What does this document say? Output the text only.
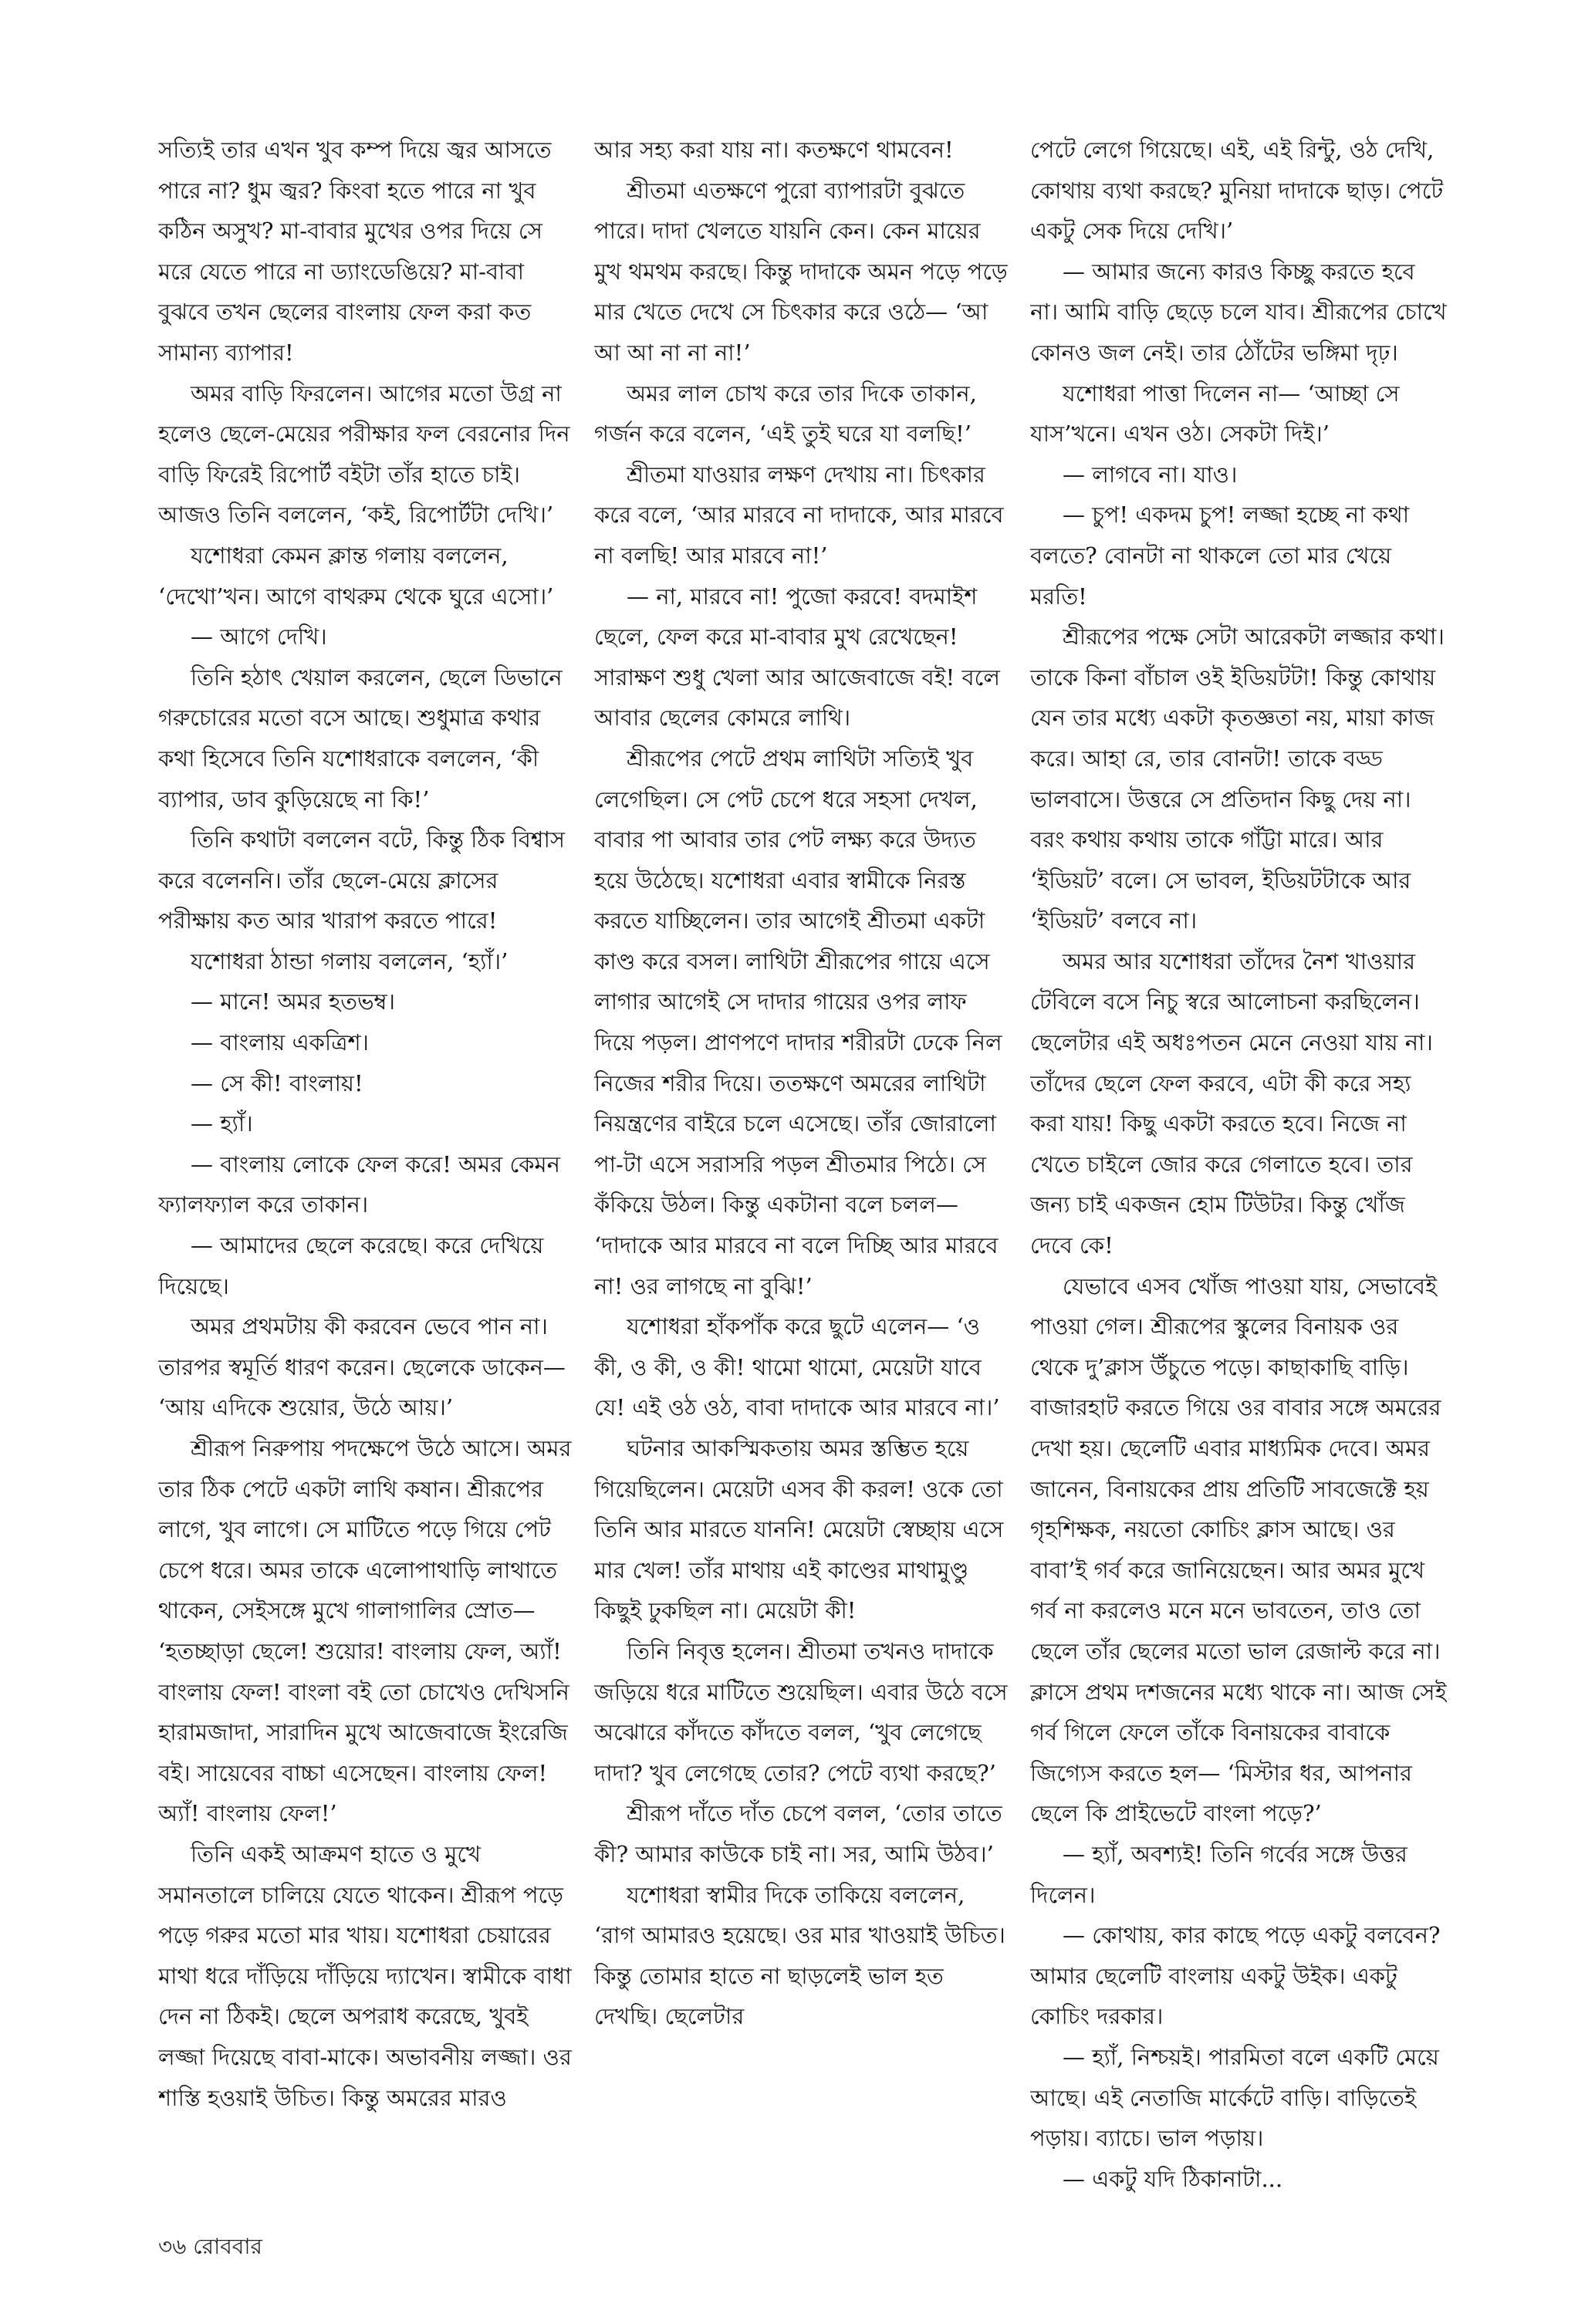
সত্যিই তার এখন খুব কম্প দিয়ে জ্বর আসতে পারে না? ধুম জ্বর? কিংবা হতে পারে না খুব কঠিন অসুখ? মা-বাবার মুখের ওপর দিয়ে সে মরে যেতে পারে না ড্যাংডেঙিয়ে? মা-বাবা বুঝবে তখন ছেলের বাংলায় ফেল করা কত সামান্য ব্যাপার!

অমর বাড়ি ফিরলেন। আগের মতো উগ্র না হলেও ছেলে-মেয়ের পরীক্ষার ফল বেরনোর দিন বাড়ি ফিরেই রিপোর্ট বইটা তাঁর হাতে চাই। আজও তিনি বললেন, ‘কই, রিপোর্টটা দেখি।’

যশোধরা কেমন ক্লান্ত গলায় বললেন, ‘দেখো’খন। আগে বাথরুম থেকে ঘুরে এসো।’

— আগে দেখি।

তিনি হঠাৎ খেয়াল করলেন, ছেলে ডিভানে গরুচোরের মতো বসে আছে। শুধুমাত্র কথার কথা হিসেবে তিনি যশোধরাকে বললেন, ‘কী ব্যাপার, ডাব কুড়িয়েছে না কি!’

তিনি কথাটা বললেন বটে, কিন্তু ঠিক বিশ্বাস করে বলেননি। তাঁর ছেলে-মেয়ে ক্লাসের পরীক্ষায় কত আর খারাপ করতে পারে!

যশোধরা ঠান্ডা গলায় বললেন, ‘হ্যাঁ।’

— মানে! অমর হতভম্ব।

— বাংলায় একত্রিশ।

— সে কী! বাংলায়!

— হ্যাঁ।

— বাংলায় লোকে ফেল করে! অমর কেমন ফ্যালফ্যাল করে তাকান।

— আমাদের ছেলে করেছে। করে দেখিয়ে দিয়েছে।

অমর প্রথমটায় কী করবেন ভেবে পান না। তারপর স্বমূর্তি ধারণ করেন। ছেলেকে ডাকেন— ‘আয় এদিকে শুয়োর, উঠে আয়।’

শ্রীরূপ নিরুপায় পদক্ষেপে উঠে আসে। অমর তার ঠিক পেটে একটা লাথি কষান। শ্রীরূপের লাগে, খুব লাগে। সে মাটিতে পড়ে গিয়ে পেট চেপে ধরে। অমর তাকে এলোপাথাড়ি লাথাতে থাকেন, সেইসঙ্গে মুখে গালাগালির স্রোত— ‘হতচ্ছাড়া ছেলে! শুয়োর! বাংলায় ফেল, অ্যাঁ! বাংলায় ফেল! বাংলা বই তো চোখেও দেখিসনি হারামজাদা, সারাদিন মুখে আজেবাজে ইংরেজি বই। সায়েবের বাচ্চা এসেছেন। বাংলায় ফেল! অ্যাঁ! বাংলায় ফেল!’

তিনি একই আক্রমণ হাতে ও মুখে সমানতালে চালিয়ে যেতে থাকেন। শ্রীরূপ পড়ে পড়ে গরুর মতো মার খায়। যশোধরা চেয়ারের মাথা ধরে দাঁড়িয়ে দাঁড়িয়ে দ্যাখেন। স্বামীকে বাধা দেন না ঠিকই। ছেলে অপরাধ করেছে, খুবই লজ্জা দিয়েছে বাবা-মাকে। অভাবনীয় লজ্জা। ওর শাস্তি হওয়াই উচিত। কিন্তু অমরের মারও

আর সহ্য করা যায় না। কতক্ষণে থামবেন!

শ্রীতমা এতক্ষণে পুরো ব্যাপারটা বুঝতে পারে। দাদা খেলতে যায়নি কেন। কেন মায়ের মুখ থমথম করছে। কিন্তু দাদাকে অমন পড়ে পড়ে মার খেতে দেখে সে চিৎকার করে ওঠে— ‘আ আ আ না না না!’

অমর লাল চোখ করে তার দিকে তাকান, গর্জন করে বলেন, ‘এই তুই ঘরে যা বলছি!’

শ্রীতমা যাওয়ার লক্ষণ দেখায় না। চিৎকার করে বলে, ‘আর মারবে না দাদাকে, আর মারবে না বলছি! আর মারবে না!’

— না, মারবে না! পুজো করবে! বদমাইশ ছেলে, ফেল করে মা-বাবার মুখ রেখেছেন! সারাক্ষণ শুধু খেলা আর আজেবাজে বই! বলে আবার ছেলের কোমরে লাথি।

শ্রীরূপের পেটে প্রথম লাথিটা সত্যিই খুব লেগেছিল। সে পেট চেপে ধরে সহসা দেখল, বাবার পা আবার তার পেট লক্ষ্য করে উদ্যত হয়ে উঠেছে। যশোধরা এবার স্বামীকে নিরস্ত করতে যাচ্ছিলেন। তার আগেই শ্রীতমা একটা কাণ্ড করে বসল। লাথিটা শ্রীরূপের গায়ে এসে লাগার আগেই সে দাদার গায়ের ওপর লাফ দিয়ে পড়ল। প্রাণপণে দাদার শরীরটা ঢেকে নিল নিজের শরীর দিয়ে। ততক্ষণে অমরের লাথিটা নিয়ন্ত্রণের বাইরে চলে এসেছে। তাঁর জোরালো পা-টা এসে সরাসরি পড়ল শ্রীতমার পিঠে। সে কঁকিয়ে উঠল। কিন্তু একটানা বলে চলল— ‘দাদাকে আর মারবে না বলে দিচ্ছি আর মারবে না! ওর লাগছে না বুঝি!’

যশোধরা হাঁকপাঁক করে ছুটে এলেন— ‘ও কী, ও কী, ও কী! থামো থামো, মেয়েটা যাবে যে! এই ওঠ ওঠ, বাবা দাদাকে আর মারবে না।’

ঘটনার আকস্মিকতায় অমর স্তম্ভিত হয়ে গিয়েছিলেন। মেয়েটা এসব কী করল! ওকে তো তিনি আর মারতে যাননি! মেয়েটা স্বেচ্ছায় এসে মার খেল! তাঁর মাথায় এই কাণ্ডের মাথামুণ্ডু কিছুই ঢুকছিল না। মেয়েটা কী!

তিনি নিবৃত্ত হলেন। শ্রীতমা তখনও দাদাকে জড়িয়ে ধরে মাটিতে শুয়েছিল। এবার উঠে বসে অঝোরে কাঁদতে কাঁদতে বলল, ‘খুব লেগেছে দাদা? খুব লেগেছে তোর? পেটে ব্যথা করছে?’

শ্রীরূপ দাঁতে দাঁত চেপে বলল, ‘তোর তাতে কী? আমার কাউকে চাই না। সর, আমি উঠব।’

যশোধরা স্বামীর দিকে তাকিয়ে বললেন, ‘রাগ আমারও হয়েছে। ওর মার খাওয়াই উচিত। কিন্তু তোমার হাতে না ছাড়লেই ভাল হত দেখছি। ছেলেটার

পেটে লেগে গিয়েছে। এই, এই রিন্টু, ওঠ দেখি, কোথায় ব্যথা করছে? মুনিয়া দাদাকে ছাড়। পেটে একটু সেক দিয়ে দেখি।’

— আমার জন্যে কারও কিচ্ছু করতে হবে না। আমি বাড়ি ছেড়ে চলে যাব। শ্রীরূপের চোখে কোনও জল নেই। তার ঠোঁটের ভঙ্গিমা দৃঢ়।

যশোধরা পাত্তা দিলেন না— ‘আচ্ছা সে যাস’খনে। এখন ওঠ। সেকটা দিই।’

— লাগবে না। যাও।

— চুপ! একদম চুপ! লজ্জা হচ্ছে না কথা বলতে? বোনটা না থাকলে তো মার খেয়ে মরতি!

শ্রীরূপের পক্ষে সেটা আরেকটা লজ্জার কথা। তাকে কিনা বাঁচাল ওই ইডিয়টটা! কিন্তু কোথায় যেন তার মধ্যে একটা কৃতজ্ঞতা নয়, মায়া কাজ করে। আহা রে, তার বোনটা! তাকে বড্ড ভালবাসে। উত্তরে সে প্রতিদান কিছু দেয় না। বরং কথায় কথায় তাকে গাঁট্টা মারে। আর ‘ইডিয়ট’ বলে। সে ভাবল, ইডিয়টটাকে আর ‘ইডিয়ট’ বলবে না।

অমর আর যশোধরা তাঁদের নৈশ খাওয়ার টেবিলে বসে নিচু স্বরে আলোচনা করছিলেন। ছেলেটার এই অধঃপতন মেনে নেওয়া যায় না। তাঁদের ছেলে ফেল করবে, এটা কী করে সহ্য করা যায়! কিছু একটা করতে হবে। নিজে না খেতে চাইলে জোর করে গেলাতে হবে। তার জন্য চাই একজন হোম টিউটর। কিন্তু খোঁজ দেবে কে!

যেভাবে এসব খোঁজ পাওয়া যায়, সেভাবেই পাওয়া গেল। শ্রীরূপের স্কুলের বিনায়ক ওর থেকে দু’ক্লাস উঁচুতে পড়ে। কাছাকাছি বাড়ি। বাজারহাট করতে গিয়ে ওর বাবার সঙ্গে অমরের দেখা হয়। ছেলেটি এবার মাধ্যমিক দেবে। অমর জানেন, বিনায়কের প্রায় প্রতিটি সাবজেক্টে হয় গৃহশিক্ষক, নয়তো কোচিং ক্লাস আছে। ওর বাবা’ই গর্ব করে জানিয়েছেন। আর অমর মুখে গর্ব না করলেও মনে মনে ভাবতেন, তাও তো ছেলে তাঁর ছেলের মতো ভাল রেজাল্ট করে না। ক্লাসে প্রথম দশজনের মধ্যে থাকে না। আজ সেই গর্ব গিলে ফেলে তাঁকে বিনায়কের বাবাকে জিগ্যেস করতে হল— ‘মিস্টার ধর, আপনার ছেলে কি প্রাইভেটে বাংলা পড়ে?’

— হ্যাঁ, অবশ্যই! তিনি গর্বের সঙ্গে উত্তর দিলেন।

— কোথায়, কার কাছে পড়ে একটু বলবেন? আমার ছেলেটি বাংলায় একটু উইক। একটু কোচিং দরকার।

— হ্যাঁ, নিশ্চয়ই। পারমিতা বলে একটি মেয়ে আছে। এই নেতাজি মার্কেটে বাড়ি। বাড়িতেই পড়ায়। ব্যাচে। ভাল পড়ায়।

— একটু যদি ঠিকানাটা...

৩৬ রোববার
